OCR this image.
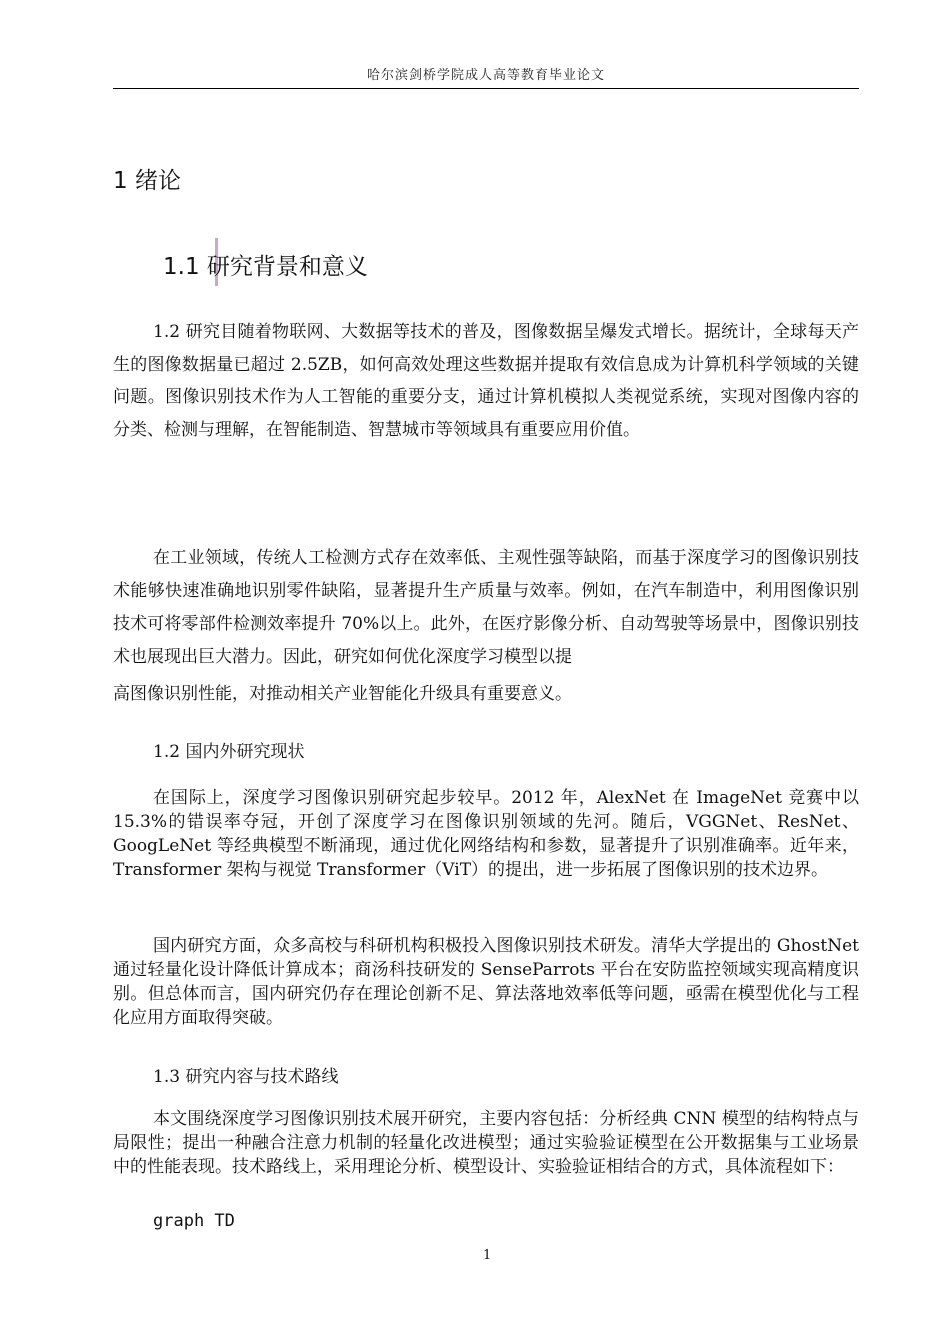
哈尔滨剑桥学院成人高等教育毕业论文
1 绪论
1.1 研究背景和意义
1.2 研究目随着物联网、大数据等技术的普及，图像数据呈爆发式增长。据统计，全球每天产生的图像数据量已超过 2.5ZB，如何高效处理这些数据并提取有效信息成为计算机科学领域的关键问题。图像识别技术作为人工智能的重要分支，通过计算机模拟人类视觉系统，实现对图像内容的分类、检测与理解，在智能制造、智慧城市等领域具有重要应用价值。
在工业领域，传统人工检测方式存在效率低、主观性强等缺陷，而基于深度学习的图像识别技术能够快速准确地识别零件缺陷，显著提升生产质量与效率。例如，在汽车制造中，利用图像识别技术可将零部件检测效率提升 70%以上。此外，在医疗影像分析、自动驾驶等场景中，图像识别技术也展现出巨大潜力。因此，研究如何优化深度学习模型以提
高图像识别性能，对推动相关产业智能化升级具有重要意义。
1.2 国内外研究现状
在国际上，深度学习图像识别研究起步较早。2012 年，AlexNet 在 ImageNet 竞赛中以 15.3%的错误率夺冠，开创了深度学习在图像识别领域的先河。随后，VGGNet、ResNet、GoogLeNet 等经典模型不断涌现，通过优化网络结构和参数，显著提升了识别准确率。近年来，Transformer 架构与视觉 Transformer（ViT）的提出，进一步拓展了图像识别的技术边界。
国内研究方面，众多高校与科研机构积极投入图像识别技术研发。清华大学提出的 GhostNet 通过轻量化设计降低计算成本；商汤科技研发的 SenseParrots 平台在安防监控领域实现高精度识别。但总体而言，国内研究仍存在理论创新不足、算法落地效率低等问题，亟需在模型优化与工程化应用方面取得突破。
1.3 研究内容与技术路线
本文围绕深度学习图像识别技术展开研究，主要内容包括：分析经典 CNN 模型的结构特点与局限性；提出一种融合注意力机制的轻量化改进模型；通过实验验证模型在公开数据集与工业场景中的性能表现。技术路线上，采用理论分析、模型设计、实验验证相结合的方式，具体流程如下：
graph TD
1
